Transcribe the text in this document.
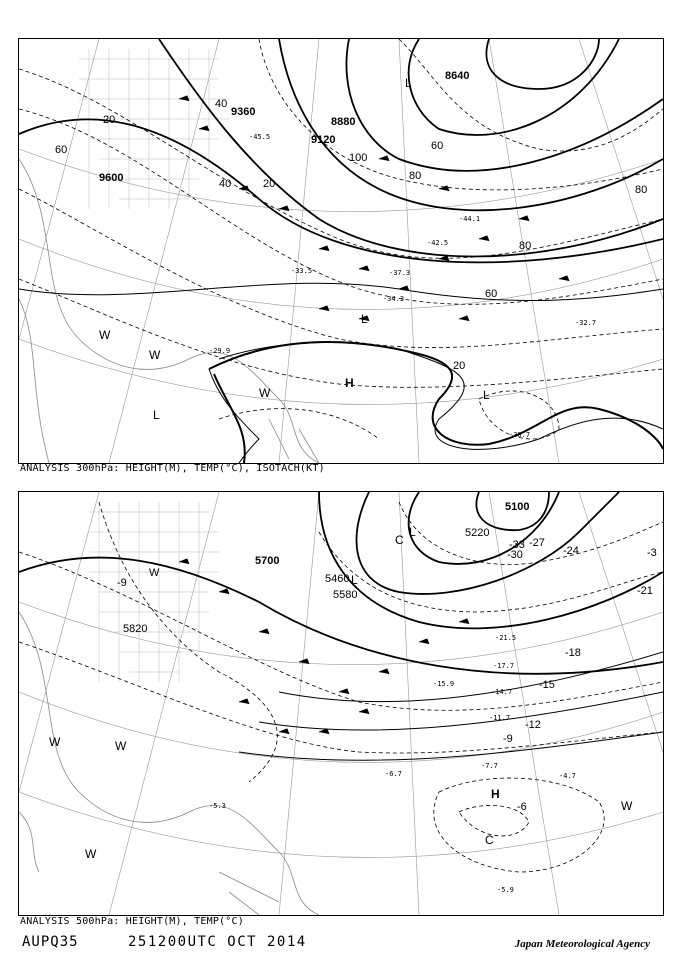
9600
9360
9120
8880
8640
20
40
60
80
100
40
60
80
20
20
60
80
L
L
H
L
W
W
W
L
-33.5	-37.3
-42.5
-44.1
-45.5
-30.7
-32.7
-29.9
-34.3
ANALYSIS 300hPa: HEIGHT(M), TEMP(°C), ISOTACH(KT)
5700
5820
5580
5460
5220
5100
-9
-12
-15
-18
-21
-24
-27
-30
-33
-3
-6
-9
W
W	W
W
L
C
C
L
H
W
-11.7
-14.7
-15.9
-17.7
-21.5
-7.7
-4.7
-5.9
-5.3
-6.7
ANALYSIS 500hPa: HEIGHT(M), TEMP(°C)
AUPQ35	251200UTC OCT 2014	Japan Meteorological Agency
